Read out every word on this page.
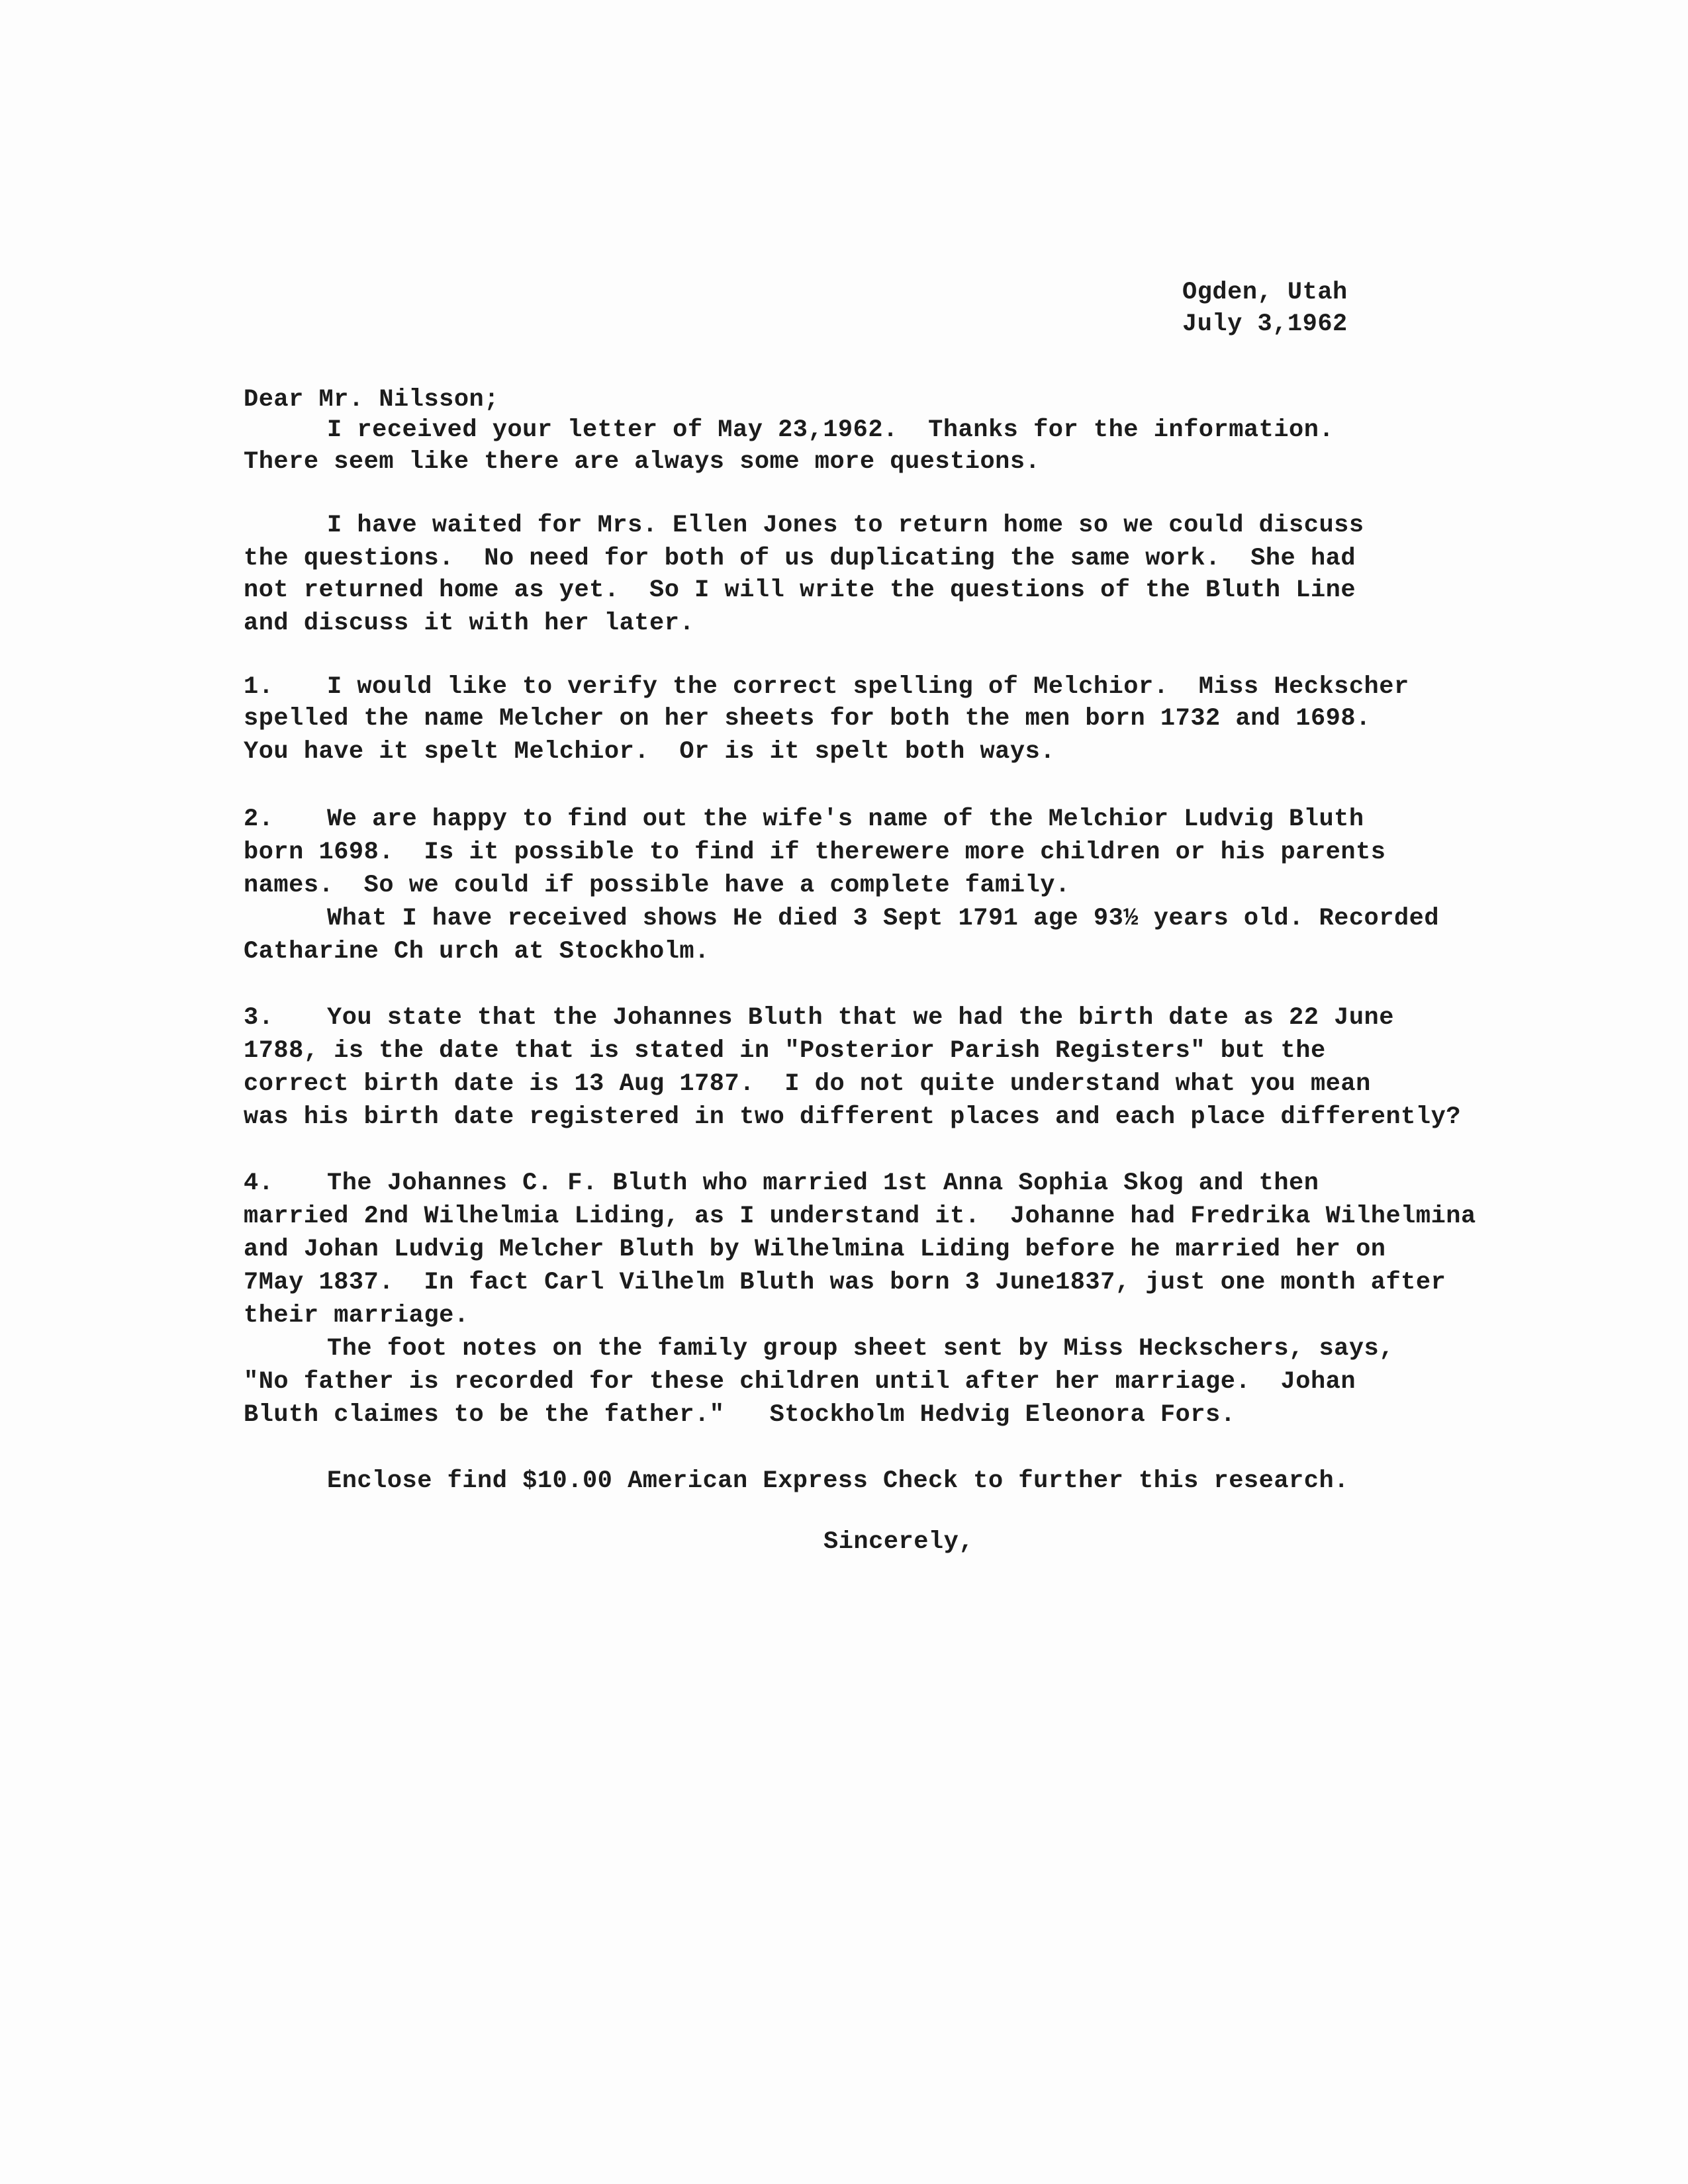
Ogden, Utah
July 3,1962
Dear Mr. Nilsson;
I received your letter of May 23,1962.  Thanks for the information.
There seem like there are always some more questions.
I have waited for Mrs. Ellen Jones to return home so we could discuss
the questions.  No need for both of us duplicating the same work.  She had
not returned home as yet.  So I will write the questions of the Bluth Line
and discuss it with her later.
1. I would like to verify the correct spelling of Melchior.  Miss Heckscher
spelled the name Melcher on her sheets for both the men born 1732 and 1698.
You have it spelt Melchior.  Or is it spelt both ways.
2. We are happy to find out the wife's name of the Melchior Ludvig Bluth
born 1698.  Is it possible to find if therewere more children or his parents
names.  So we could if possible have a complete family.
What I have received shows He died 3 Sept 1791 age 93½ years old. Recorded
Catharine Ch urch at Stockholm.
3. You state that the Johannes Bluth that we had the birth date as 22 June
1788, is the date that is stated in "Posterior Parish Registers" but the
correct birth date is 13 Aug 1787.  I do not quite understand what you mean
was his birth date registered in two different places and each place differently?
4. The Johannes C. F. Bluth who married 1st Anna Sophia Skog and then
married 2nd Wilhelmia Liding, as I understand it.  Johanne had Fredrika Wilhelmina
and Johan Ludvig Melcher Bluth by Wilhelmina Liding before he married her on
7May 1837.  In fact Carl Vilhelm Bluth was born 3 June1837, just one month after
their marriage.
The foot notes on the family group sheet sent by Miss Heckschers, says,
"No father is recorded for these children until after her marriage.  Johan
Bluth claimes to be the father."   Stockholm Hedvig Eleonora Fors.
Enclose find $10.00 American Express Check to further this research.
Sincerely,
